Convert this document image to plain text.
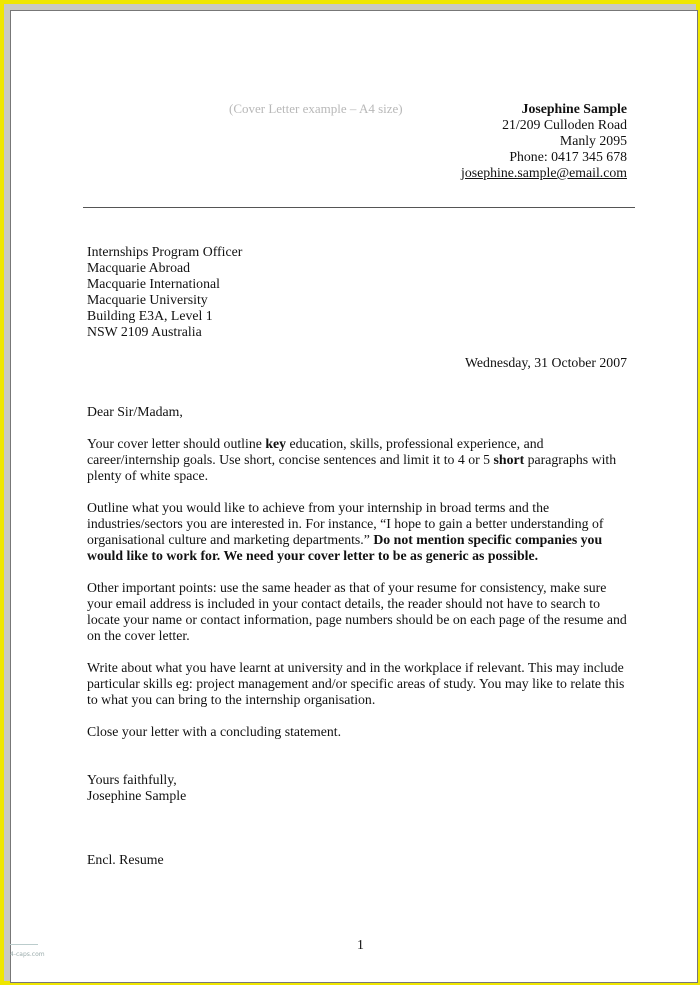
(Cover Letter example – A4 size)	Josephine Sample
21/209 Culloden Road
Manly 2095
Phone: 0417 345 678
josephine.sample@email.com
Internships Program Officer
Macquarie Abroad
Macquarie International
Macquarie University
Building E3A, Level 1
NSW 2109 Australia
Wednesday, 31 October 2007
Dear Sir/Madam,
Your cover letter should outline key education, skills, professional experience, and
career/internship goals. Use short, concise sentences and limit it to 4 or 5 short paragraphs with
plenty of white space.
Outline what you would like to achieve from your internship in broad terms and the
industries/sectors you are interested in. For instance, “I hope to gain a better understanding of
organisational culture and marketing departments.” Do not mention specific companies you
would like to work for. We need your cover letter to be as generic as possible.
Other important points: use the same header as that of your resume for consistency, make sure
your email address is included in your contact details, the reader should not have to search to
locate your name or contact information, page numbers should be on each page of the resume and
on the cover letter.
Write about what you have learnt at university and in the workplace if relevant. This may include
particular skills eg: project management and/or specific areas of study. You may like to relate this
to what you can bring to the internship organisation.
Close your letter with a concluding statement.
Yours faithfully,
Josephine Sample
Encl. Resume
1
4-caps.com
